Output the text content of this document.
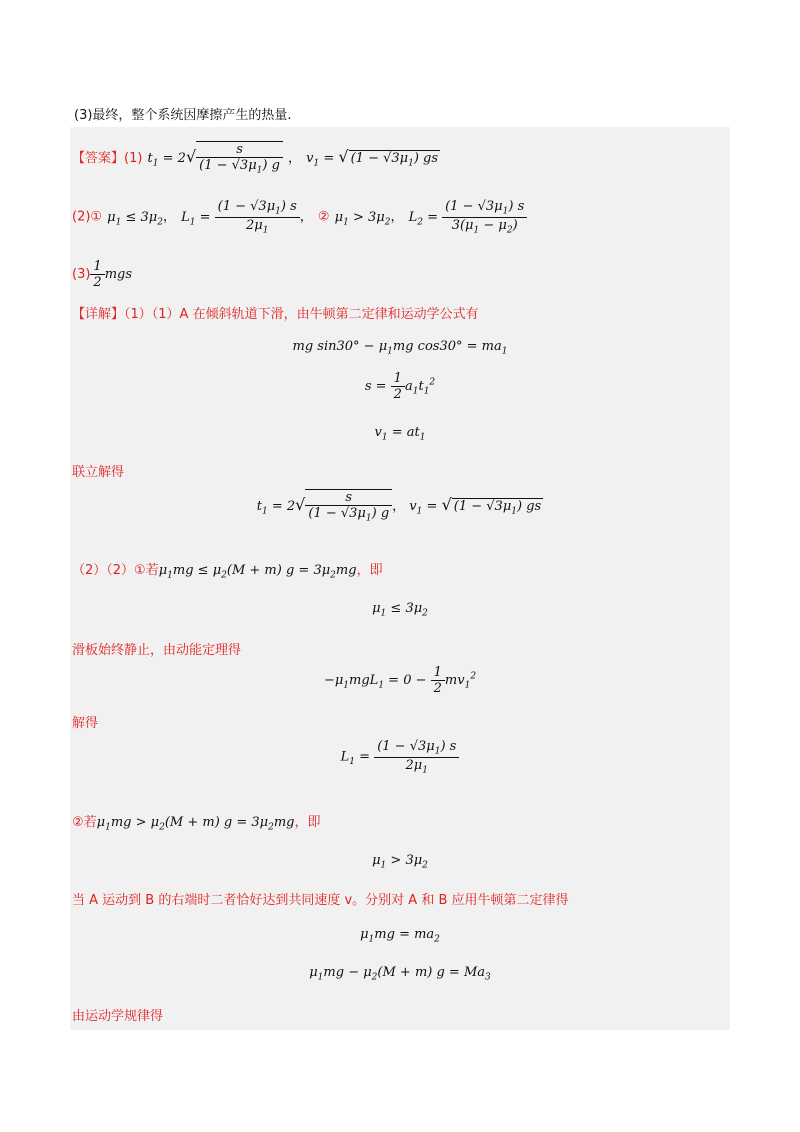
(3)最终，整个系统因摩擦产生的热量.
【答案】(1) $t_1 = 2√ \frac{s}{(1 - √3\mu_1) g}$ ， $v_1$ = √ $(1 - √3\mu_1)$ gs
(2)① $\mu_1 \le 3\mu_2$， $L_1 = \frac{(1 - √3\mu_1) s}{2\mu_1}$ ， ② $\mu_1 > 3\mu_2$， $L_2 = \frac{(1 - √3\mu_1) s}{3(\mu_1 - \mu_2)}$
$(3) \frac{1}{2}$ mgs
【详解】（1）（1）A 在倾斜轨道下滑，由牛顿第二定律和运动学公式有
mg $\sin 30^\circ - \mu_1mg$ $\cos 30^\circ = ma_1$
$s = \frac{1}{2} a_1t_1^2$
$v_1 = at_1$
联立解得
$t_1 = 2√ \frac{s}{(1 - √3\mu_1) g}$ ， $v_1$ = √ $(1 - √3\mu_1)$ gs
（2）（2）①若$\mu_1mg \le \mu_2(M + m) g = 3\mu_2mg$，即
$\mu_1 \le 3\mu_2$
滑板始终静止，由动能定理得
$-\mu_1mgL_1 = 0 - \frac{1}{2} mv_1^2$
解得
$L_1 = \frac{(1 - √3\mu_1) s}{2\mu_1}$
②若$\mu_1mg > \mu_2(M + m) g = 3\mu_2mg$，即
$\mu_1 > 3\mu_2$
当 A 运动到 B 的右端时二者恰好达到共同速度 v。分别对 A 和 B 应用牛顿第二定律得
$\mu_1mg = ma_2$
$\mu_1mg - \mu_2(M + m) g = Ma_3$
由运动学规律得
